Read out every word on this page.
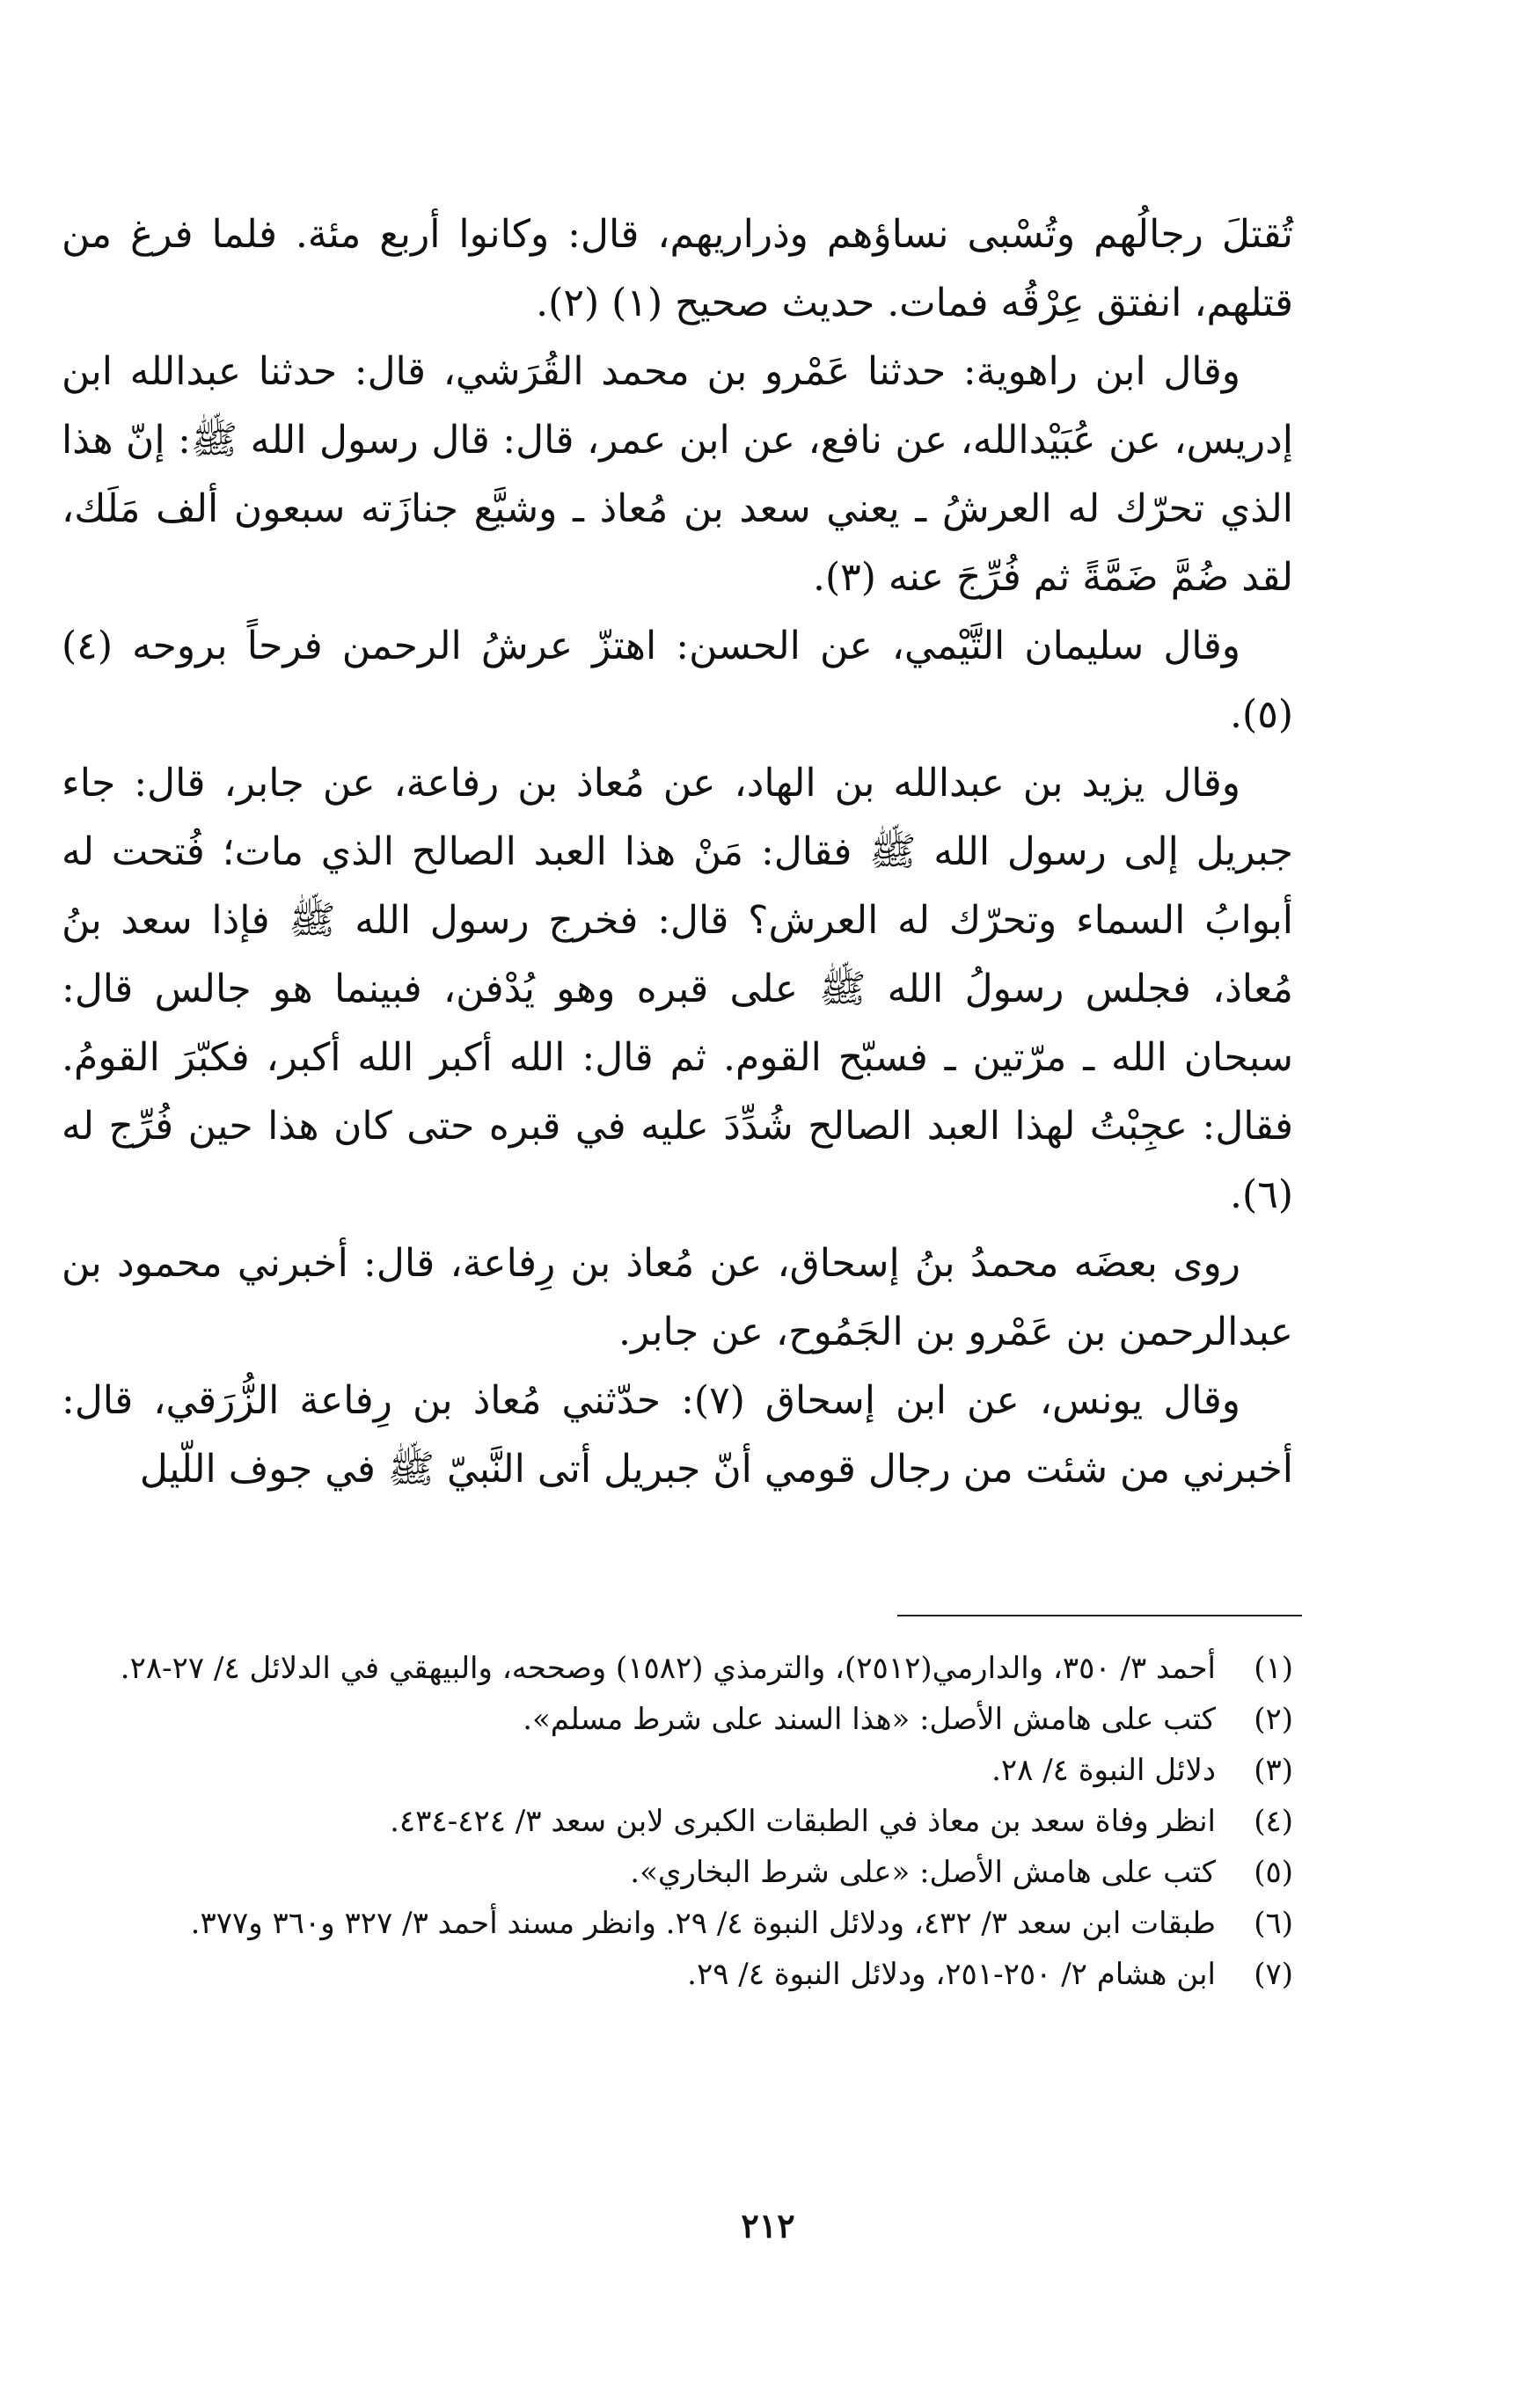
تُقتلَ رجالُهم وتُسْبى نساؤهم وذراريهم، قال: وكانوا أربع مئة. فلما فرغ من قتلهم، انفتق عِرْقُه فمات. حديث صحيح (١) (٢).

وقال ابن راهوية: حدثنا عَمْرو بن محمد القُرَشي، قال: حدثنا عبدالله ابن إدريس، عن عُبَيْدالله، عن نافع، عن ابن عمر، قال: قال رسول الله ﷺ: إنّ هذا الذي تحرّك له العرشُ ـ يعني سعد بن مُعاذ ـ وشيَّع جنازَته سبعون ألف مَلَك، لقد ضُمَّ ضَمَّةً ثم فُرِّجَ عنه (٣).

وقال سليمان التَّيْمي، عن الحسن: اهتزّ عرشُ الرحمن فرحاً بروحه (٤) (٥).

وقال يزيد بن عبدالله بن الهاد، عن مُعاذ بن رفاعة، عن جابر، قال: جاء جبريل إلى رسول الله ﷺ فقال: مَنْ هذا العبد الصالح الذي مات؛ فُتحت له أبوابُ السماء وتحرّك له العرش؟ قال: فخرج رسول الله ﷺ فإذا سعد بنُ مُعاذ، فجلس رسولُ الله ﷺ على قبره وهو يُدْفن، فبينما هو جالس قال: سبحان الله ـ مرّتين ـ فسبّح القوم. ثم قال: الله أكبر الله أكبر، فكبّرَ القومُ. فقال: عجِبْتُ لهذا العبد الصالح شُدِّدَ عليه في قبره حتى كان هذا حين فُرِّج له (٦).

روى بعضَه محمدُ بنُ إسحاق، عن مُعاذ بن رِفاعة، قال: أخبرني محمود بن عبدالرحمن بن عَمْرو بن الجَمُوح، عن جابر.

وقال يونس، عن ابن إسحاق (٧): حدّثني مُعاذ بن رِفاعة الزُّرَقي، قال: أخبرني من شئت من رجال قومي أنّ جبريل أتى النَّبيّ ﷺ في جوف اللّيل

(١)
أحمد ٣/ ٣٥٠، والدارمي(٢٥١٢)، والترمذي (١٥٨٢) وصححه، والبيهقي في الدلائل ٤/ ٢٧-٢٨.
(٢)
كتب على هامش الأصل: «هذا السند على شرط مسلم».
(٣)
دلائل النبوة ٤/ ٢٨.
(٤)
انظر وفاة سعد بن معاذ في الطبقات الكبرى لابن سعد ٣/ ٤٢٤-٤٣٤.
(٥)
كتب على هامش الأصل: «على شرط البخاري».
(٦)
طبقات ابن سعد ٣/ ٤٣٢، ودلائل النبوة ٤/ ٢٩. وانظر مسند أحمد ٣/ ٣٢٧ و٣٦٠ و٣٧٧.
(٧)
ابن هشام ٢/ ٢٥٠-٢٥١، ودلائل النبوة ٤/ ٢٩.
٢١٢
